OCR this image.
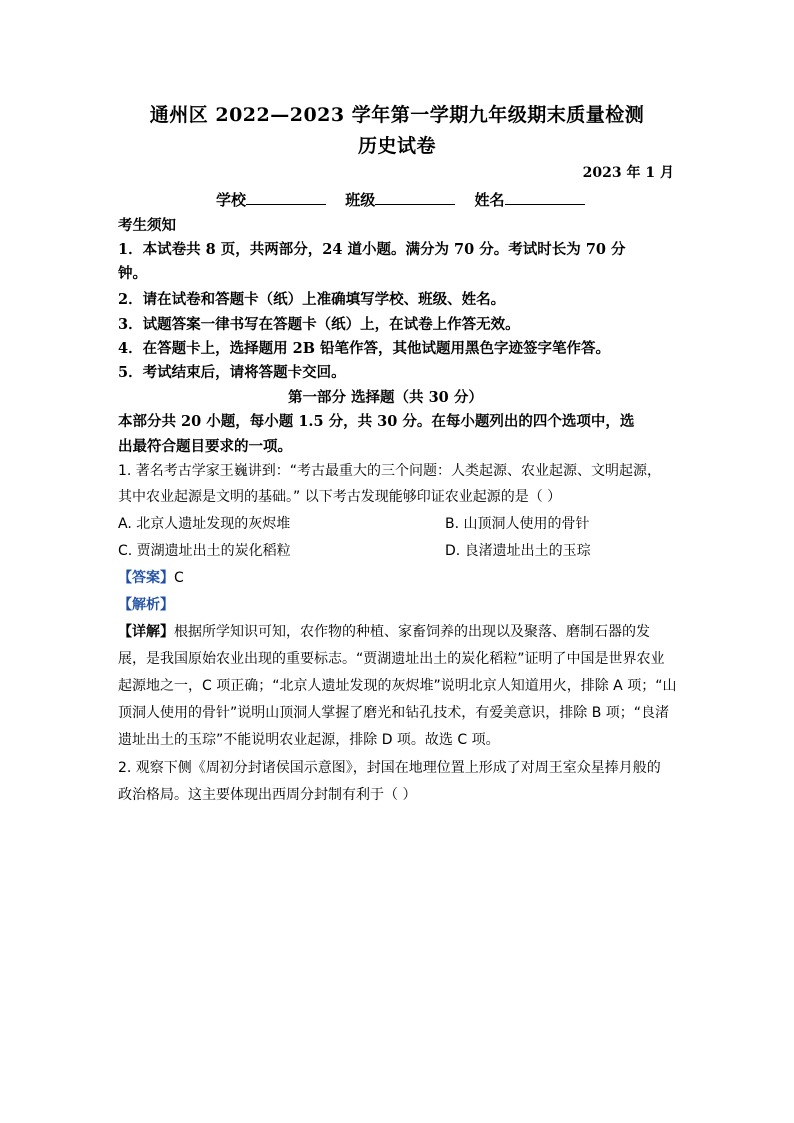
通州区 2022—2023 学年第一学期九年级期末质量检测
历史试卷
2023 年 1 月
学校	班级	姓名
考生须知
1．本试卷共 8 页，共两部分，24 道小题。满分为 70 分。考试时长为 70 分
钟。
2．请在试卷和答题卡（纸）上准确填写学校、班级、姓名。
3．试题答案一律书写在答题卡（纸）上，在试卷上作答无效。
4．在答题卡上，选择题用 2B 铅笔作答，其他试题用黑色字迹签字笔作答。
5．考试结束后，请将答题卡交回。
第一部分 选择题（共 30 分）
本部分共 20 小题，每小题 1.5 分，共 30 分。在每小题列出的四个选项中，选
出最符合题目要求的一项。
1. 著名考古学家王巍讲到：“考古最重大的三个问题：人类起源、农业起源、文明起源，
其中农业起源是文明的基础。” 以下考古发现能够印证农业起源的是（ ）
A. 北京人遗址发现的灰烬堆	B. 山顶洞人使用的骨针
C. 贾湖遗址出土的炭化稻粒	D. 良渚遗址出土的玉琮
【答案】C
【解析】
【详解】根据所学知识可知，农作物的种植、家畜饲养的出现以及聚落、磨制石器的发
展，是我国原始农业出现的重要标志。“贾湖遗址出土的炭化稻粒”证明了中国是世界农业
起源地之一，C 项正确；“北京人遗址发现的灰烬堆”说明北京人知道用火，排除 A 项；“山
顶洞人使用的骨针”说明山顶洞人掌握了磨光和钻孔技术，有爱美意识，排除 B 项；“良渚
遗址出土的玉琮”不能说明农业起源，排除 D 项。故选 C 项。
2. 观察下侧《周初分封诸侯国示意图》，封国在地理位置上形成了对周王室众星捧月般的
政治格局。这主要体现出西周分封制有利于（ ）
